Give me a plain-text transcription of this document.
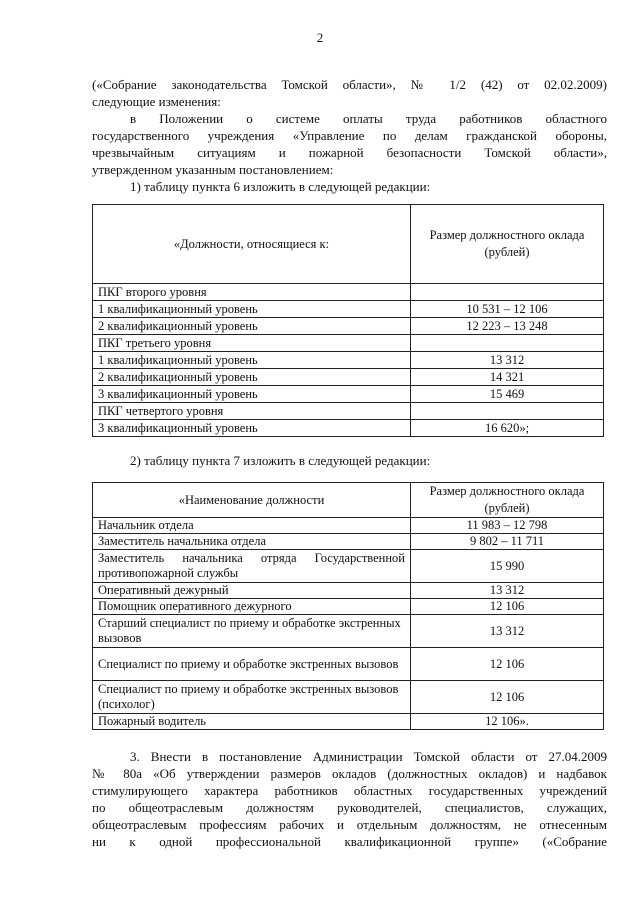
2
(«Собрание законодательства Томской области», № 1/2 (42) от 02.02.2009)
следующие изменения:
в Положении о системе оплаты труда работников областного
государственного учреждения «Управление по делам гражданской обороны,
чрезвычайным ситуациям и пожарной безопасности Томской области»,
утвержденном указанным постановлением:
1) таблицу пункта 6 изложить в следующей редакции:
«Должности, относящиеся к:	Размер должностного оклада (рублей)
ПКГ второго уровня	
1 квалификационный уровень	10 531 – 12 106
2 квалификационный уровень	12 223 – 13 248
ПКГ третьего уровня	
1 квалификационный уровень	13 312
2 квалификационный уровень	14 321
3 квалификационный уровень	15 469
ПКГ четвертого уровня	
3 квалификационный уровень	16 620»;
2) таблицу пункта 7 изложить в следующей редакции:
«Наименование должности	Размер должностного оклада (рублей)
Начальник отдела	11 983 – 12 798
Заместитель начальника отдела	9 802 – 11 711
Заместитель начальника отряда Государственной противопожарной службы	15 990
Оперативный дежурный	13 312
Помощник оперативного дежурного	12 106
Старший специалист по приему и обработке экстренных вызовов	13 312
Специалист по приему и обработке экстренных вызовов	12 106
Специалист по приему и обработке экстренных вызовов (психолог)	12 106
Пожарный водитель	12 106».
3. Внести в постановление Администрации Томской области от 27.04.2009
№ 80а «Об утверждении размеров окладов (должностных окладов) и надбавок
стимулирующего характера работников областных государственных учреждений
по общеотраслевым должностям руководителей, специалистов, служащих,
общеотраслевым профессиям рабочих и отдельным должностям, не отнесенным
ни к одной профессиональной квалификационной группе» («Собрание
